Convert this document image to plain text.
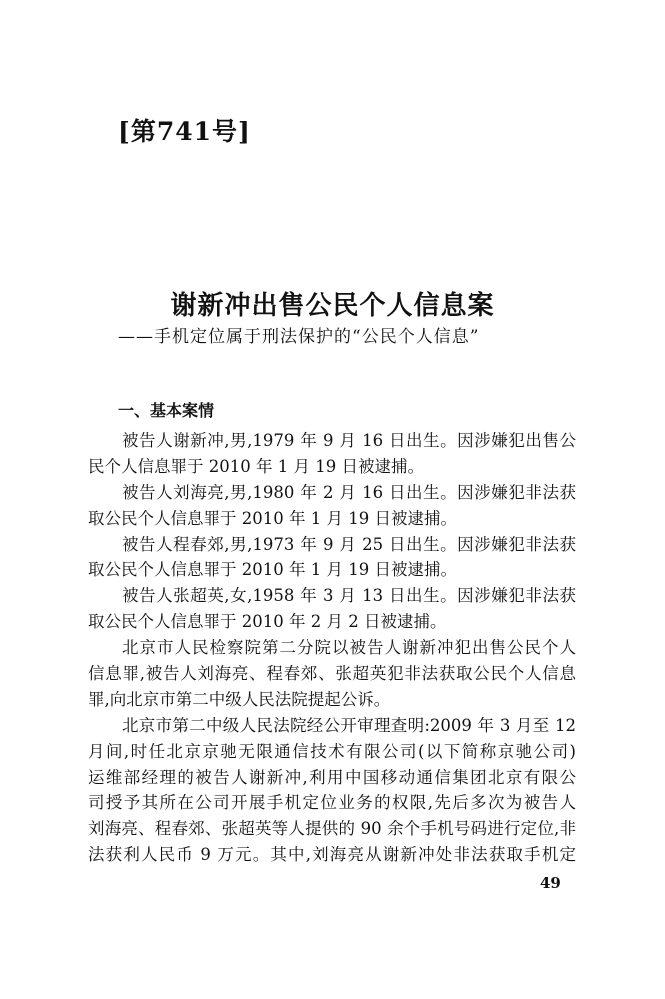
[第741号]
谢新冲出售公民个人信息案
——手机定位属于刑法保护的“公民个人信息”
一、基本案情
被告人谢新冲,男,1979 年 9 月 16 日出生。因涉嫌犯出售公
民个人信息罪于 2010 年 1 月 19 日被逮捕。
被告人刘海亮,男,1980 年 2 月 16 日出生。因涉嫌犯非法获
取公民个人信息罪于 2010 年 1 月 19 日被逮捕。
被告人程春郊,男,1973 年 9 月 25 日出生。因涉嫌犯非法获
取公民个人信息罪于 2010 年 1 月 19 日被逮捕。
被告人张超英,女,1958 年 3 月 13 日出生。因涉嫌犯非法获
取公民个人信息罪于 2010 年 2 月 2 日被逮捕。
北京市人民检察院第二分院以被告人谢新冲犯出售公民个人
信息罪,被告人刘海亮、程春郊、张超英犯非法获取公民个人信息
罪,向北京市第二中级人民法院提起公诉。
北京市第二中级人民法院经公开审理查明:2009 年 3 月至 12
月间,时任北京京驰无限通信技术有限公司(以下简称京驰公司)
运维部经理的被告人谢新冲,利用中国移动通信集团北京有限公
司授予其所在公司开展手机定位业务的权限,先后多次为被告人
刘海亮、程春郊、张超英等人提供的 90 余个手机号码进行定位,非
法获利人民币 9 万元。其中,刘海亮从谢新冲处非法获取手机定
49
